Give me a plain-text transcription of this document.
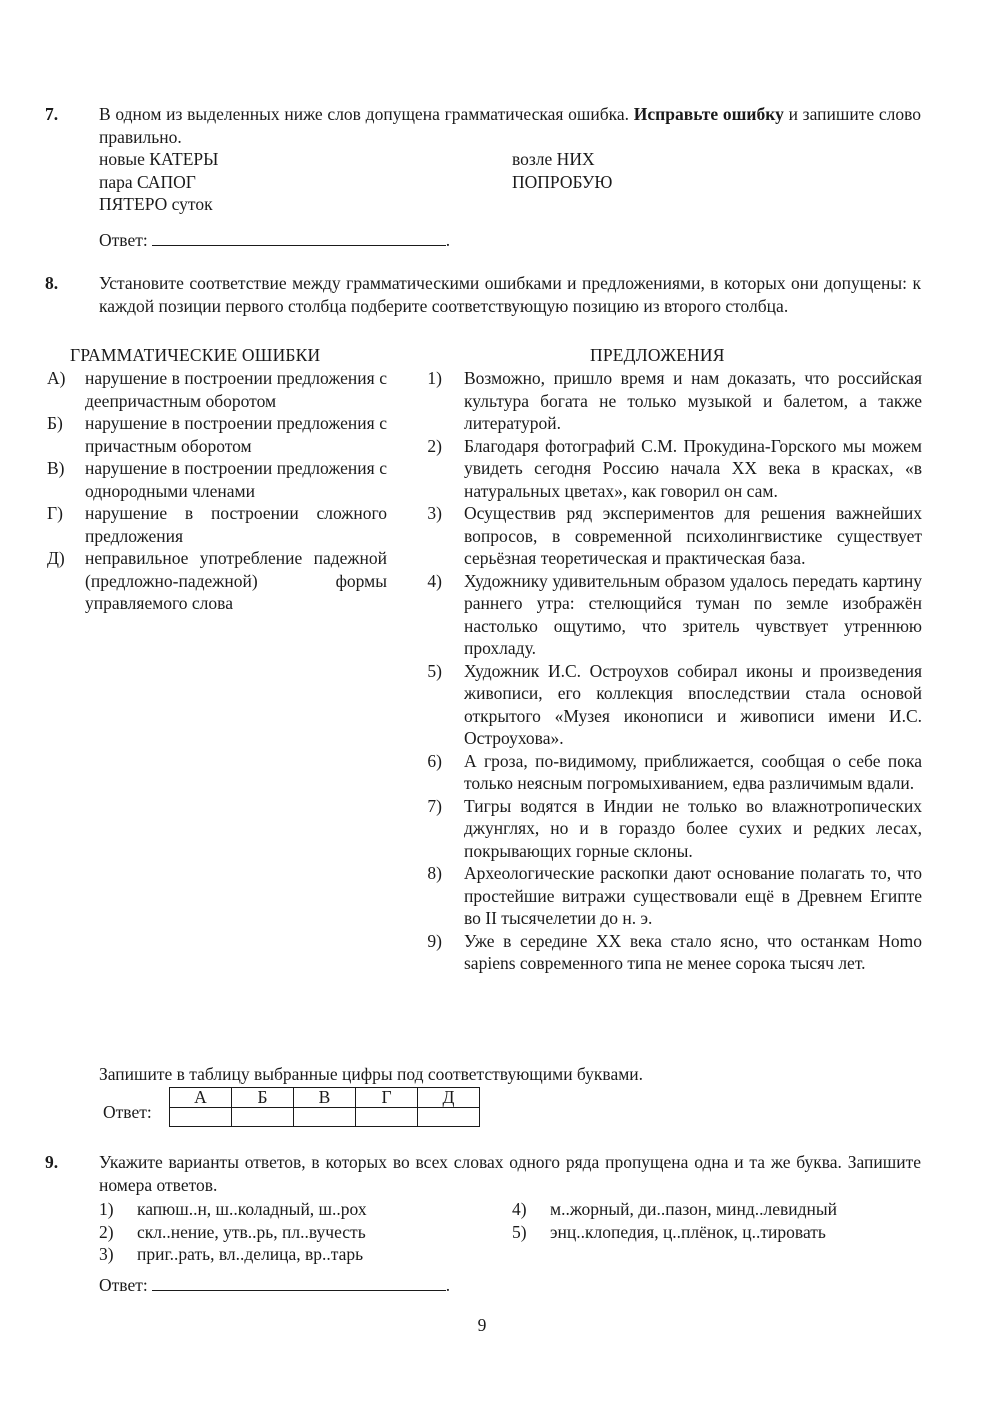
7.	В одном из выделенных ниже слов допущена грамматическая ошибка. Исправьте ошибку и запишите слово правильно.
новые КАТЕРЫ
пара САПОГ
ПЯТЕРО суток
возле НИХ
ПОПРОБУЮ
Ответ:	.
8.	Установите соответствие между грамматическими ошибками и предложениями, в которых они допущены: к каждой позиции первого столбца подберите соответствующую позицию из второго столбца.
ГРАММАТИЧЕСКИЕ ОШИБКИ	ПРЕДЛОЖЕНИЯ
А)	нарушение в построении предложения с деепричастным оборотом
Б)	нарушение в построении предложения с причастным оборотом
В)	нарушение в построении предложения с однородными членами
Г)	нарушение в построении сложного предложения
Д)	неправильное употребление падежной (предложно-падежной) формы управляемого слова
1) Возможно, пришло время и нам доказать, что российская культура богата не только музыкой и балетом, а также литературой.
2) Благодаря фотографий С.М. Прокудина-Горского мы можем увидеть сегодня Россию начала XX века в красках, «в натуральных цветах», как говорил он сам.
3) Осуществив ряд экспериментов для решения важнейших вопросов, в современной психолингвистике существует серьёзная теоретическая и практическая база.
4) Художнику удивительным образом удалось передать картину раннего утра: стелющийся туман по земле изображён настолько ощутимо, что зритель чувствует утреннюю прохладу.
5) Художник И.С. Остроухов собирал иконы и произведения живописи, его коллекция впоследствии стала основой открытого «Музея иконописи и живописи имени И.С. Остроухова».
6) А гроза, по-видимому, приближается, сообщая о себе пока только неясным погромыхиванием, едва различимым вдали.
7) Тигры водятся в Индии не только во влажнотропических джунглях, но и в гораздо более сухих и редких лесах, покрывающих горные склоны.
8) Археологические раскопки дают основание полагать то, что простейшие витражи существовали ещё в Древнем Египте во II тысячелетии до н. э.
9) Уже в середине XX века стало ясно, что останкам Homo sapiens современного типа не менее сорока тысяч лет.
Запишите в таблицу выбранные цифры под соответствующими буквами.
Ответ:
А	Б	В	Г	Д

9.	Укажите варианты ответов, в которых во всех словах одного ряда пропущена одна и та же буква. Запишите номера ответов.
1)	капюш..н, ш..коладный, ш..рох
2)	скл..нение, утв..рь, пл..вучесть
3)	приг..рать, вл..делица, вр..тарь
4)	м..жорный, ди..пазон, минд..левидный
5)	энц..клопедия, ц..плёнок, ц..тировать
Ответ:	.
9
